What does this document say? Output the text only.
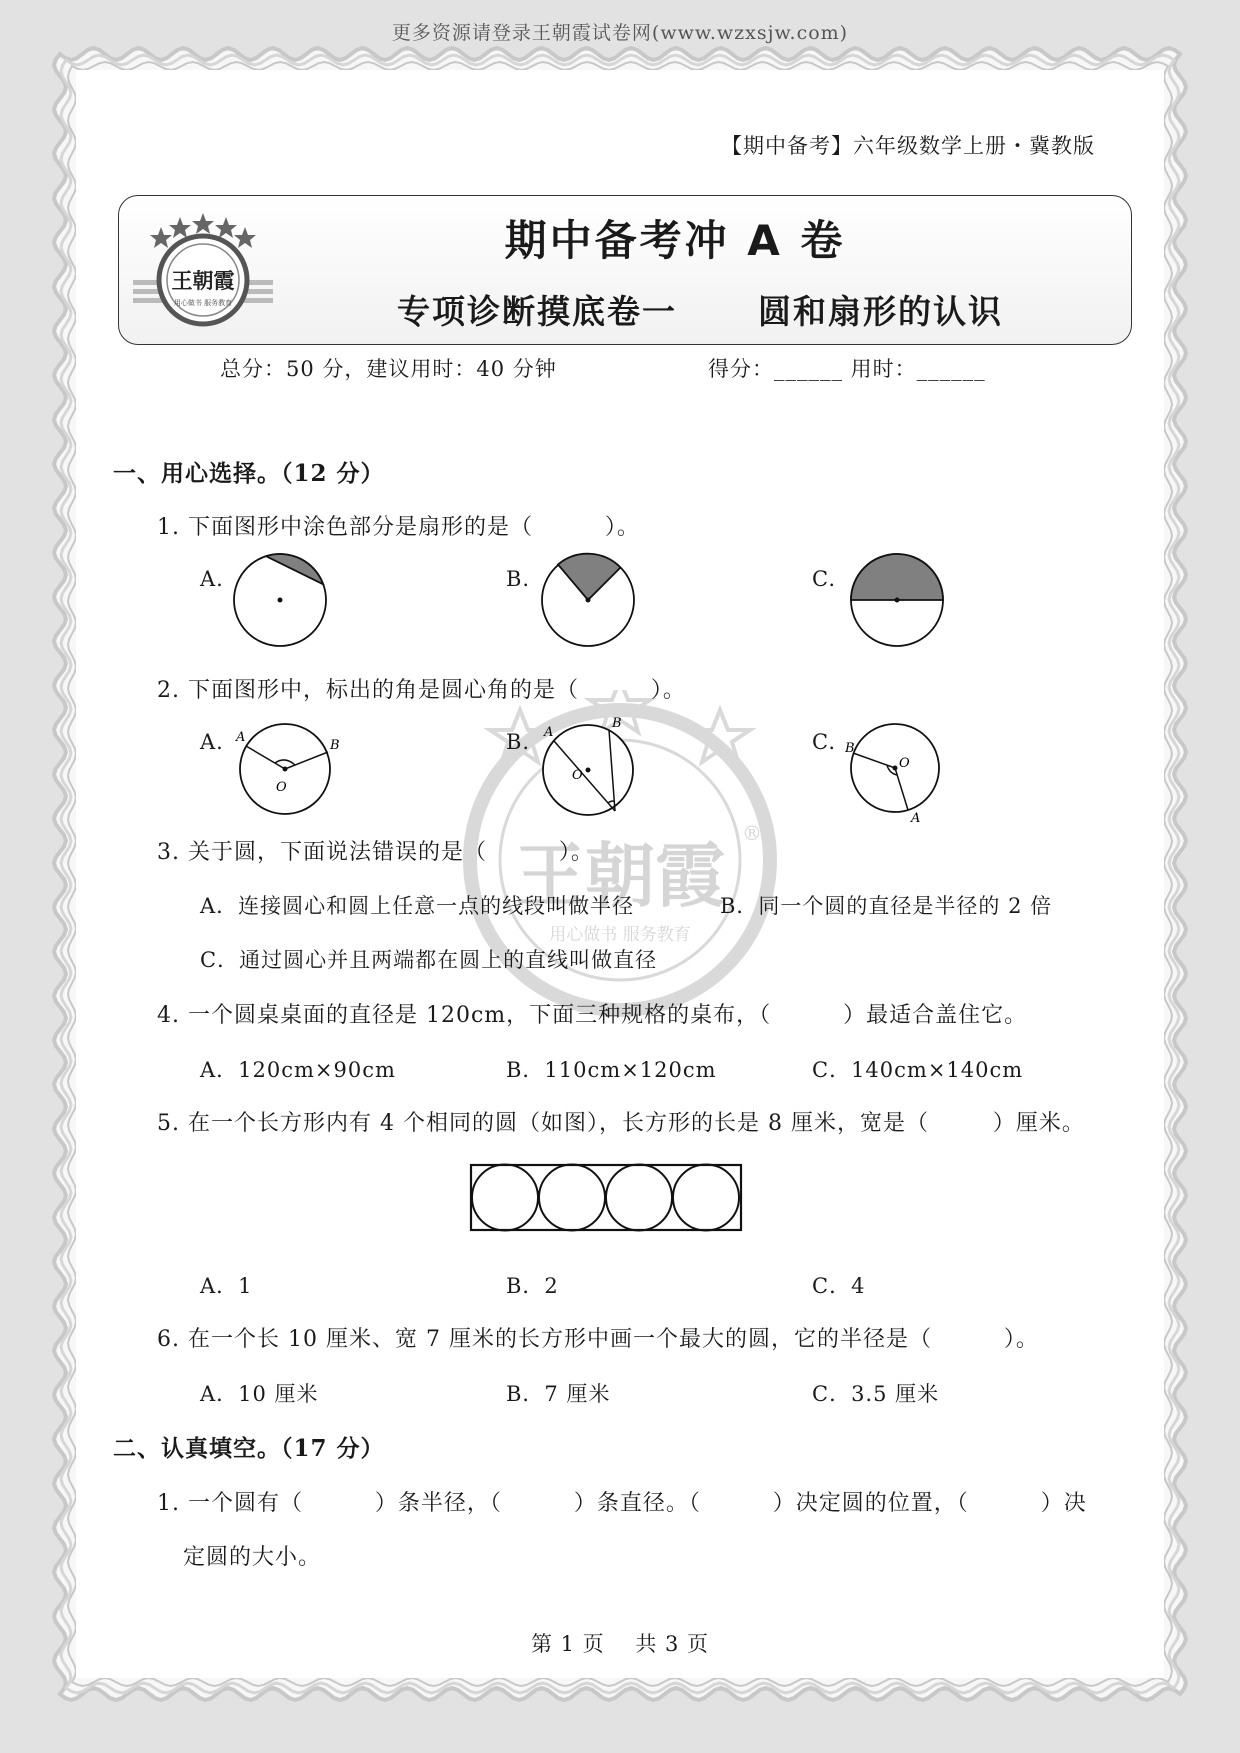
更多资源请登录王朝霞试卷网(www.wzxsjw.com)
【期中备考】六年级数学上册・冀教版
王朝霞
用心做书 服务教育
期中备考冲 A 卷
专项诊断摸底卷一      圆和扇形的认识
总分：50 分，建议用时：40 分钟	得分：______ 用时：______
王朝霞
用心做书 服务教育
®
一、用心选择。（12 分）
1. 下面图形中涂色部分是扇形的是（         ）。
A.	B.	C.
2. 下面图形中，标出的角是圆心角的是（         ）。
A.	B.	C.
A
B
O
A
B
O
B
O
A
3. 关于圆，下面说法错误的是（         ）。
A．连接圆心和圆上任意一点的线段叫做半径	B．同一个圆的直径是半径的 2 倍
C．通过圆心并且两端都在圆上的直线叫做直径
4. 一个圆桌桌面的直径是 120cm，下面三种规格的桌布，（         ）最适合盖住它。
A．120cm×90cm	B．110cm×120cm	C．140cm×140cm
5. 在一个长方形内有 4 个相同的圆（如图），长方形的长是 8 厘米，宽是（        ）厘米。
A．1	B．2	C．4
6. 在一个长 10 厘米、宽 7 厘米的长方形中画一个最大的圆，它的半径是（         ）。
A．10 厘米	B．7 厘米	C．3.5 厘米
二、认真填空。（17 分）
1. 一个圆有（         ）条半径，（         ）条直径。（         ）决定圆的位置，（         ）决
定圆的大小。
第 1 页    共 3 页
